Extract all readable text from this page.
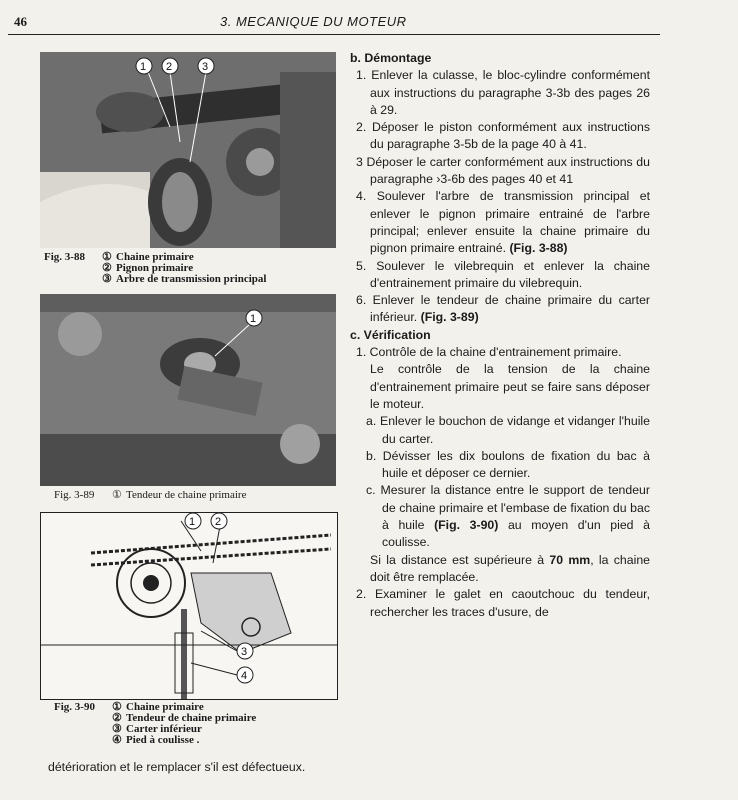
46	3. MECANIQUE DU MOTEUR
1 2	3
Fig. 3-88 ① Chaine primaire
② Pignon primaire
③ Arbre de transmission principal
1
Fig. 3-89 ① Tendeur de chaine primaire
1 2
3
4
Fig. 3-90 ① Chaine primaire
② Tendeur de chaine primaire
③ Carter inférieur
④ Pied à coulisse .

b. Démontage

1. Enlever la culasse, le bloc-cylindre conformément aux instructions du paragraphe 3-3b des pages 26 à 29.

2. Déposer le piston conformément aux instructions du paragraphe 3-5b de la page 40 à 41.

3 Déposer le carter conformément aux instructions du paragraphe ›3-6b des pages 40 et 41

4. Soulever l'arbre de transmission principal et enlever le pignon primaire entrainé de l'arbre principal; enlever ensuite la chaine primaire du pignon primaire entrainé. (Fig. 3-88)

5. Soulever le vilebrequin et enlever la chaine d'entrainement primaire du vilebrequin.

6. Enlever le tendeur de chaine primaire du carter inférieur. (Fig. 3-89)

c. Vérification

1. Contrôle de la chaine d'entrainement primaire.

Le contrôle de la tension de la chaine d'entrainement primaire peut se faire sans déposer le moteur.

a. Enlever le bouchon de vidange et vidanger l'huile du carter.

b. Dévisser les dix boulons de fixation du bac à huile et déposer ce dernier.

c. Mesurer la distance entre le support de tendeur de chaine primaire et l'embase de fixation du bac à huile (Fig. 3-90) au moyen d'un pied à coulisse.

Si la distance est supérieure à 70 mm, la chaine doit être remplacée.

2. Examiner le galet en caoutchouc du tendeur, rechercher les traces d'usure, de

détérioration et le remplacer s'il est défectueux.
